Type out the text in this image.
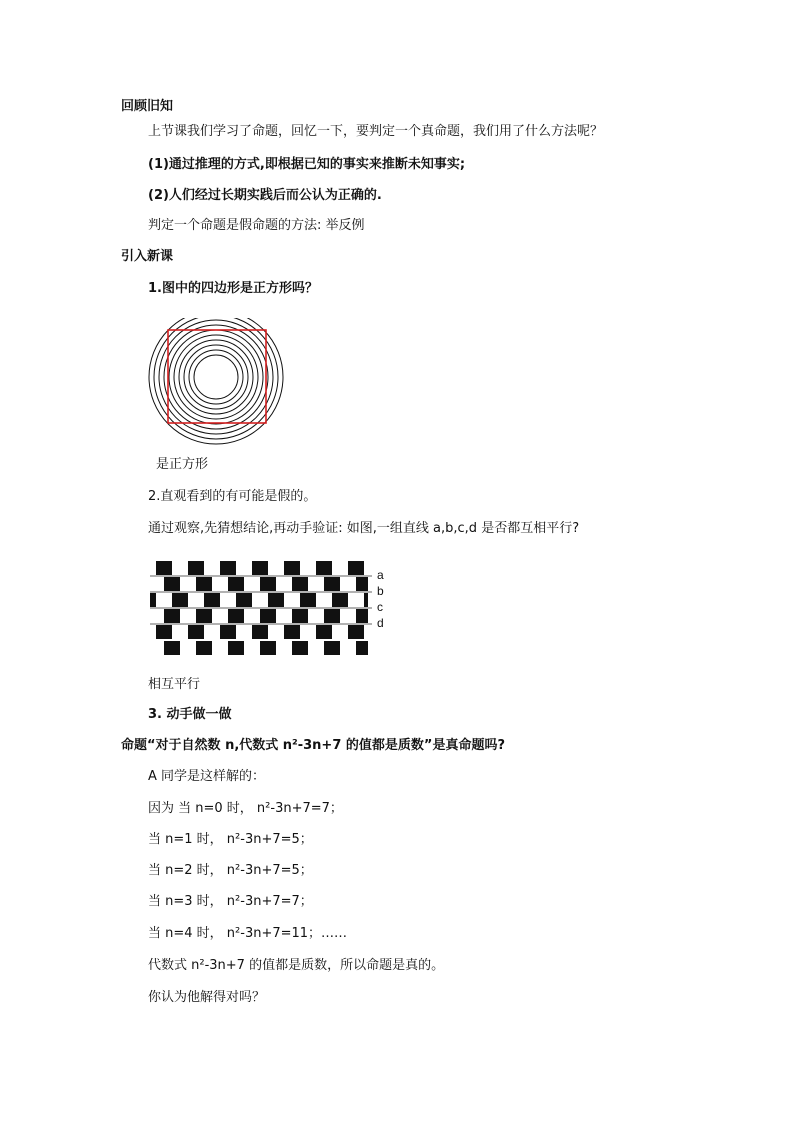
回顾旧知
上节课我们学习了命题，回忆一下，要判定一个真命题，我们用了什么方法呢？
(1)通过推理的方式,即根据已知的事实来推断未知事实;
(2)人们经过长期实践后而公认为正确的.
判定一个命题是假命题的方法: 举反例
引入新课
1.图中的四边形是正方形吗？
是正方形
2.直观看到的有可能是假的。
通过观察,先猜想结论,再动手验证: 如图,一组直线 a,b,c,d 是否都互相平行?
a
b
c
d
相互平行
3. 动手做一做
命题“对于自然数 n,代数式 n²-3n+7 的值都是质数”是真命题吗?
A 同学是这样解的：
因为 当 n=0 时， n²-3n+7=7；
当 n=1 时， n²-3n+7=5；
当 n=2 时， n²-3n+7=5；
当 n=3 时， n²-3n+7=7；
当 n=4 时， n²-3n+7=11；……
代数式 n²-3n+7 的值都是质数，所以命题是真的。
你认为他解得对吗？
